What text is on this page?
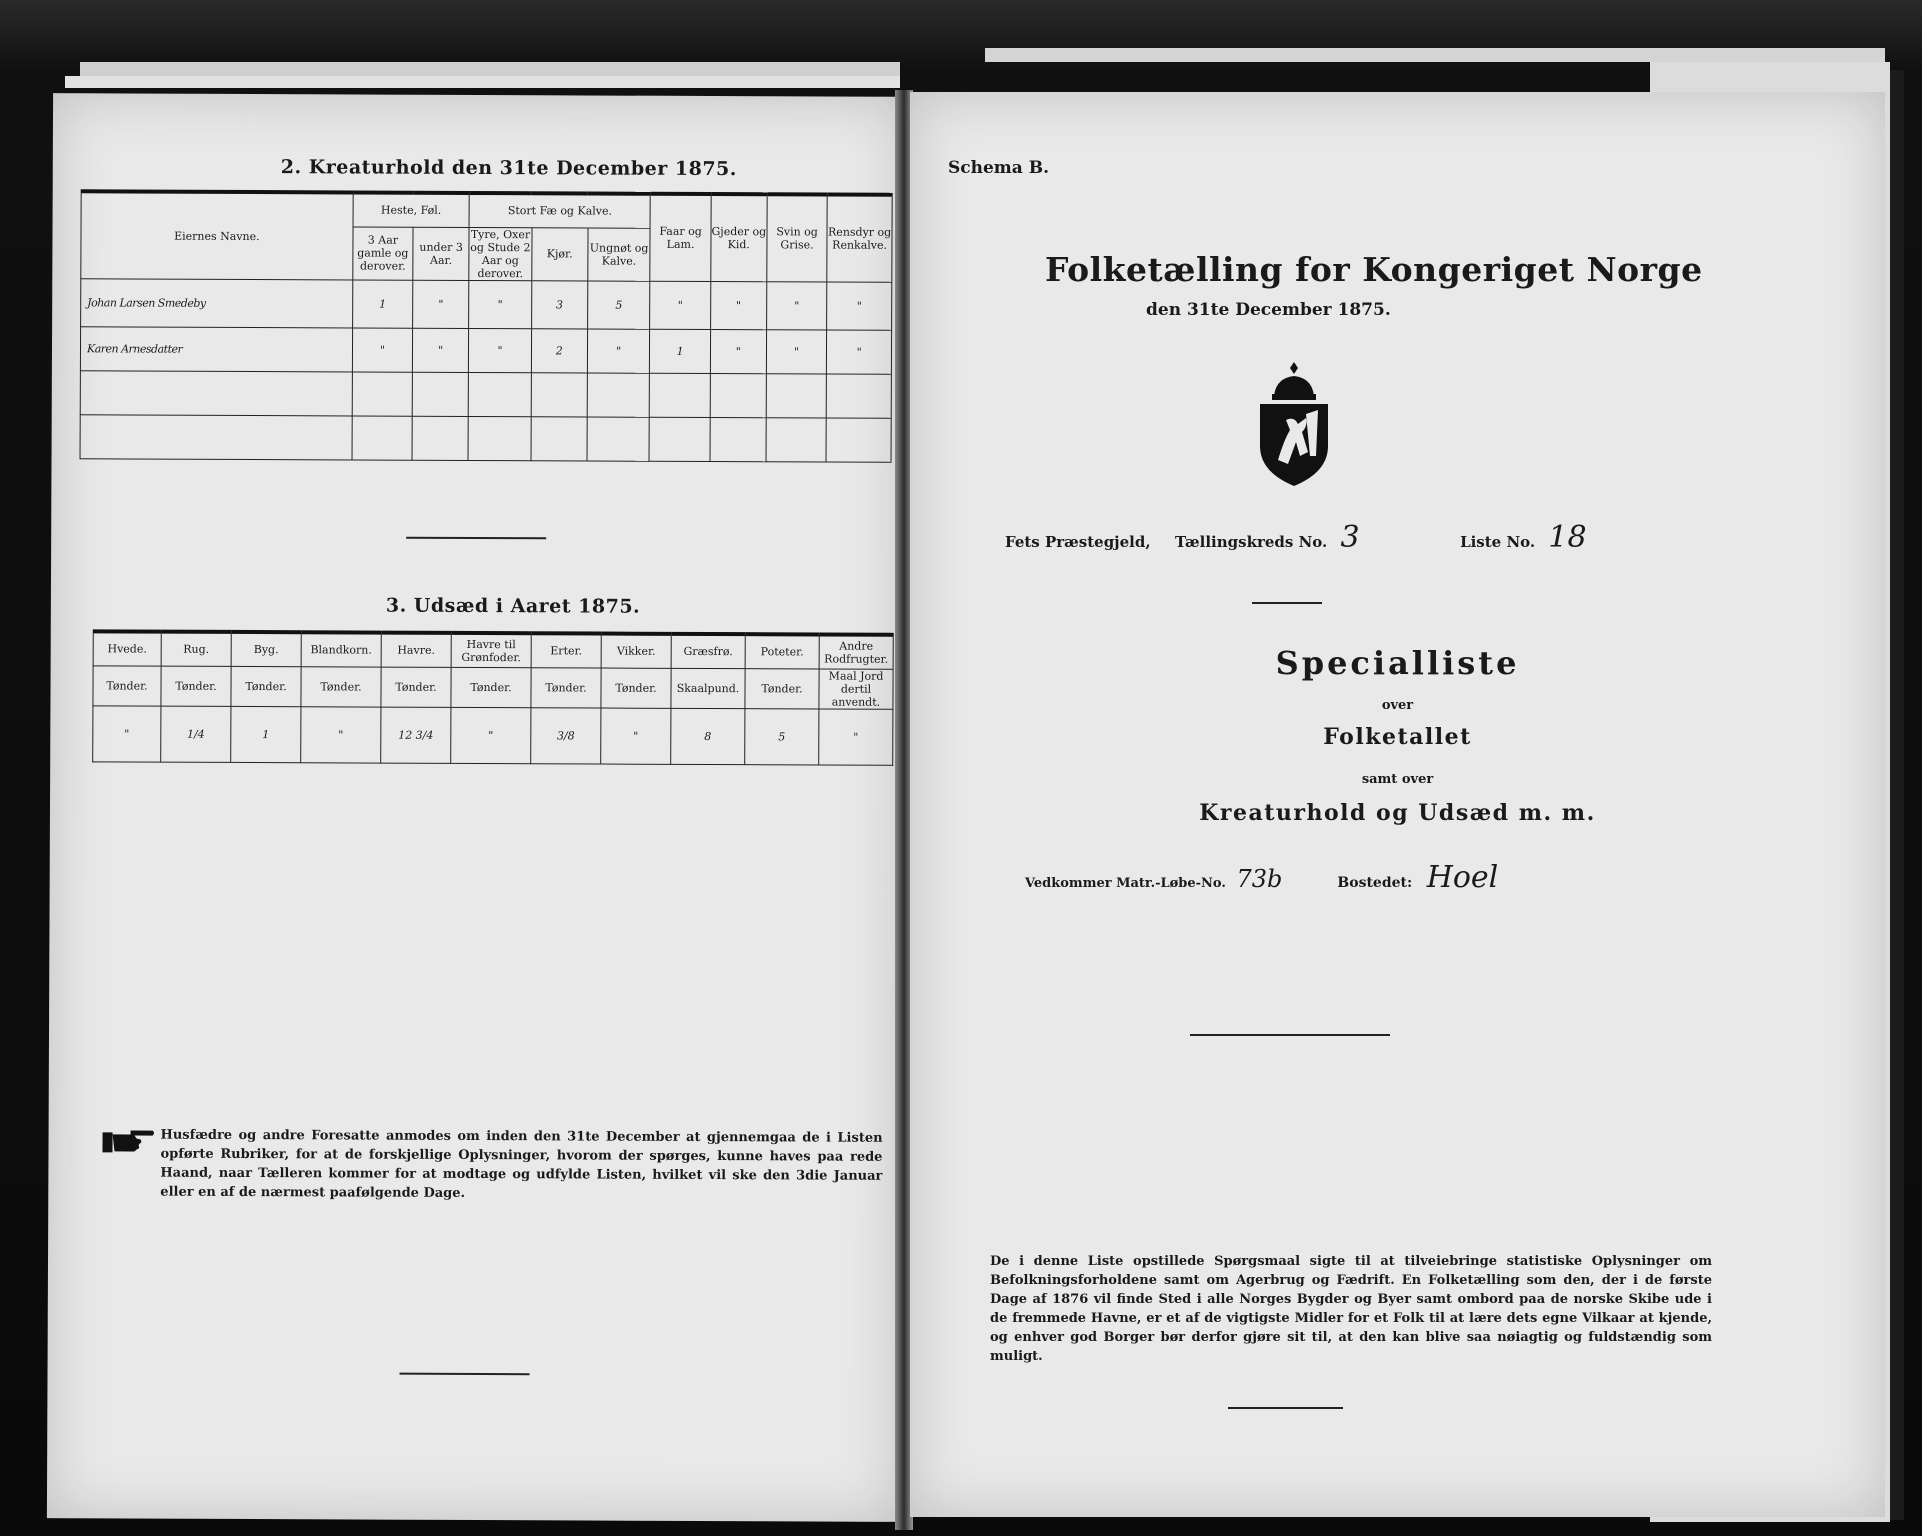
2. Kreaturhold den 31te December 1875.
Eiernes Navne.	Heste, Føl.		Stort Fæ og Kalve.			Faar og Lam.	Gjeder og Kid.	Svin og Grise.	Rensdyr og Renkalve.
	3 Aar gamle og derover.	under 3 Aar.	Tyre, Oxer og Stude 2 Aar og derover.	Kjør.	Ungnøt og Kalve.				
Johan Larsen Smedeby	1	"	"	3	5	"	"	"	"
Karen Arnesdatter	"	"	"	2	"	1	"	"	"

3. Udsæd i Aaret 1875.
Hvede.	Rug.	Byg.	Blandkorn.	Havre.	Havre til Grønfoder.	Erter.	Vikker.	Græsfrø.	Poteter.	Andre Rodfrugter.
Tønder.	Tønder.	Tønder.	Tønder.	Tønder.	Tønder.	Tønder.	Tønder.	Skaalpund.	Tønder.	Maal Jord dertil anvendt.
"	1/4	1	"	12 3/4	"	3/8	"	8	5	"
Husfædre og andre Foresatte anmodes om inden den 31te December at gjennemgaa de i Listen opførte Rubriker, for at de forskjellige Oplysninger, hvorom der spørges, kunne haves paa rede Haand, naar Tælleren kommer for at modtage og udfylde Listen, hvilket vil ske den 3die Januar eller en af de nærmest paafølgende Dage.
Schema B.
Folketælling for Kongeriget Norge
den 31te December 1875.
Fets Præstegjeld, Tællingskreds No. 3	Liste No. 18
Specialliste
over
Folketallet
samt over
Kreaturhold og Udsæd m. m.
Vedkommer Matr.-Løbe-No. 73b	Bostedet: Hoel
De i denne Liste opstillede Spørgsmaal sigte til at tilveiebringe statistiske Oplysninger om Befolkningsforholdene samt om Agerbrug og Fædrift. En Folketælling som den, der i de første Dage af 1876 vil finde Sted i alle Norges Bygder og Byer samt ombord paa de norske Skibe ude i de fremmede Havne, er et af de vigtigste Midler for et Folk til at lære dets egne Vilkaar at kjende, og enhver god Borger bør derfor gjøre sit til, at den kan blive saa nøiagtig og fuldstændig som muligt.
